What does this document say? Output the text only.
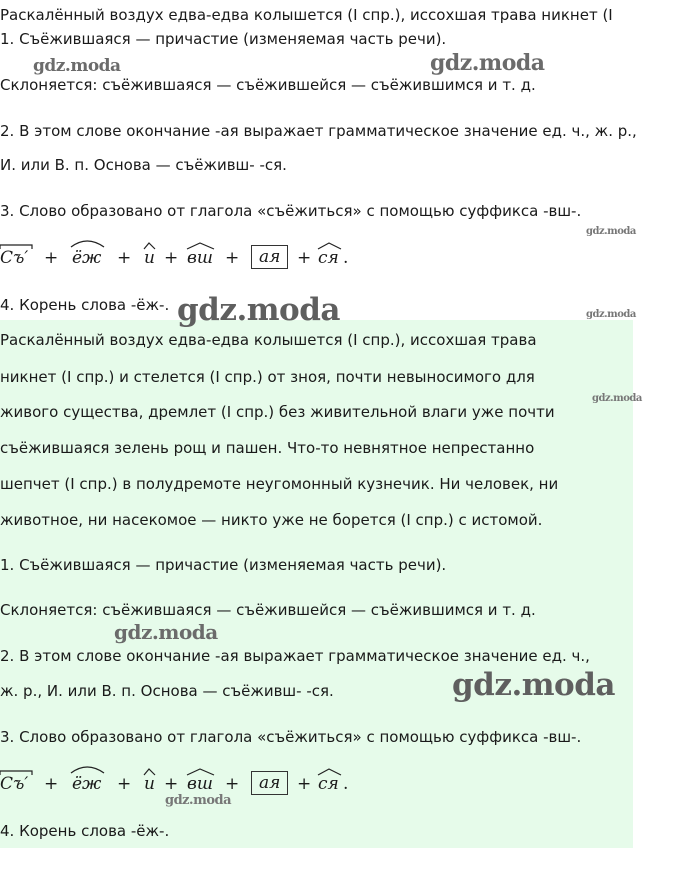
Раскалённый воздух едва-едва колышется (I спр.), иссохшая трава никнет (I
1. Съёжившаяся — причастие (изменяемая часть речи).
Склоняется: съёжившаяся — съёжившейся — съёжившимся и т. д.
2. В этом слове окончание -ая выражает грамматическое значение ед. ч., ж. р.,
И. или В. п. Основа — съёживш- -ся.
3. Слово образовано от глагола «съёжиться» с помощью суффикса -вш-.
Съ′ + ёж + и + вш +	ая + ся .
4. Корень слова -ёж-.
Раскалённый воздух едва-едва колышется (I спр.), иссохшая трава
никнет (I спр.) и стелется (I спр.) от зноя, почти невыносимого для
живого существа, дремлет (I спр.) без живительной влаги уже почти
съёжившаяся зелень рощ и пашен. Что-то невнятное непрестанно
шепчет (I спр.) в полудремоте неугомонный кузнечик. Ни человек, ни
животное, ни насекомое — никто уже не борется (I спр.) с истомой.
1. Съёжившаяся — причастие (изменяемая часть речи).
Склоняется: съёжившаяся — съёжившейся — съёжившимся и т. д.
2. В этом слове окончание -ая выражает грамматическое значение ед. ч.,
ж. р., И. или В. п. Основа — съёживш- -ся.
3. Слово образовано от глагола «съёжиться» с помощью суффикса -вш-.
Съ′ + ёж + и + вш +	ая + ся .
4. Корень слова -ёж-.
gdz.moda	gdz.moda
gdz.moda
gdz.moda	gdz.moda
gdz.moda
gdz.moda
gdz.moda
gdz.moda
